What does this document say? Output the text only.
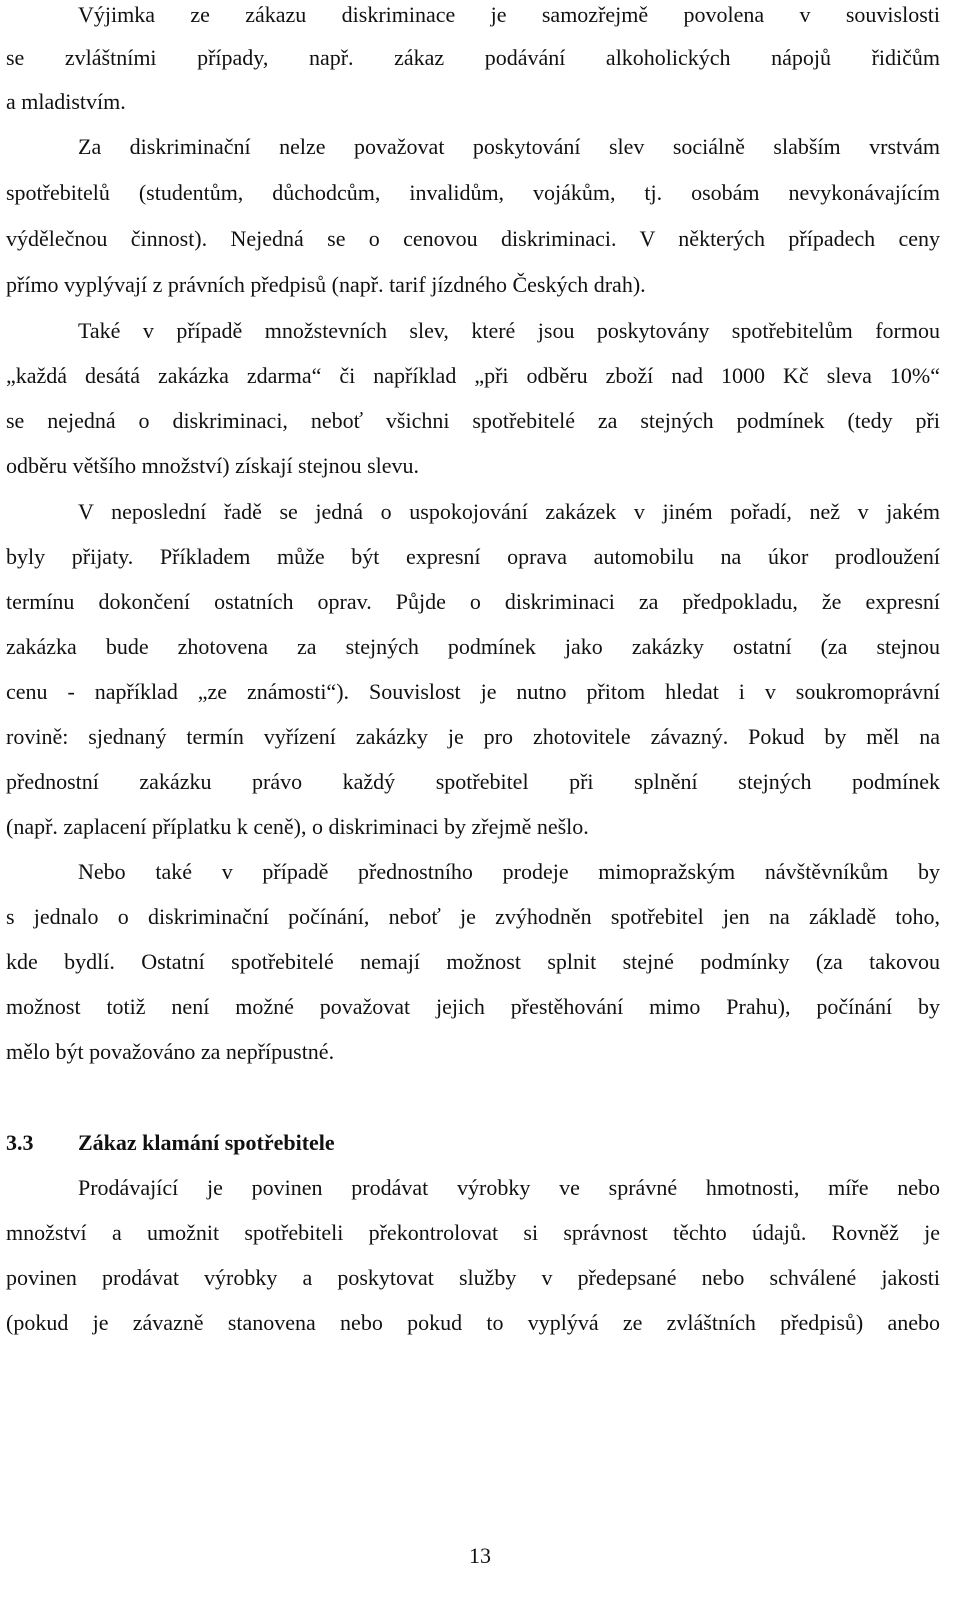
Výjimka ze zákazu diskriminace je samozřejmě povolena v souvislosti
se zvláštními případy, např. zákaz podávání alkoholických nápojů řidičům
a mladistvím.
Za diskriminační nelze považovat poskytování slev sociálně slabším vrstvám
spotřebitelů (studentům, důchodcům, invalidům, vojákům, tj. osobám nevykonávajícím
výdělečnou činnost). Nejedná se o cenovou diskriminaci. V některých případech ceny
přímo vyplývají z právních předpisů (např. tarif jízdného Českých drah).
Také v případě množstevních slev, které jsou poskytovány spotřebitelům formou
„každá desátá zakázka zdarma“ či například „při odběru zboží nad 1000 Kč sleva 10%“
se nejedná o diskriminaci, neboť všichni spotřebitelé za stejných podmínek (tedy při
odběru většího množství) získají stejnou slevu.
V neposlední řadě se jedná o uspokojování zakázek v jiném pořadí, než v jakém
byly přijaty. Příkladem může být expresní oprava automobilu na úkor prodloužení
termínu dokončení ostatních oprav. Půjde o diskriminaci za předpokladu, že expresní
zakázka bude zhotovena za stejných podmínek jako zakázky ostatní (za stejnou
cenu - například „ze známosti“). Souvislost je nutno přitom hledat i v soukromoprávní
rovině: sjednaný termín vyřízení zakázky je pro zhotovitele závazný. Pokud by měl na
přednostní zakázku právo každý spotřebitel při splnění stejných podmínek
(např. zaplacení příplatku k ceně), o diskriminaci by zřejmě nešlo.
Nebo také v případě přednostního prodeje mimopražským návštěvníkům by
s jednalo o diskriminační počínání, neboť je zvýhodněn spotřebitel jen na základě toho,
kde bydlí. Ostatní spotřebitelé nemají možnost splnit stejné podmínky (za takovou
možnost totiž není možné považovat jejich přestěhování mimo Prahu), počínání by
mělo být považováno za nepřípustné.
3.3 Zákaz klamání spotřebitele
Prodávající je povinen prodávat výrobky ve správné hmotnosti, míře nebo
množství a umožnit spotřebiteli překontrolovat si správnost těchto údajů. Rovněž je
povinen prodávat výrobky a poskytovat služby v předepsané nebo schválené jakosti
(pokud je závazně stanovena nebo pokud to vyplývá ze zvláštních předpisů) anebo
13
